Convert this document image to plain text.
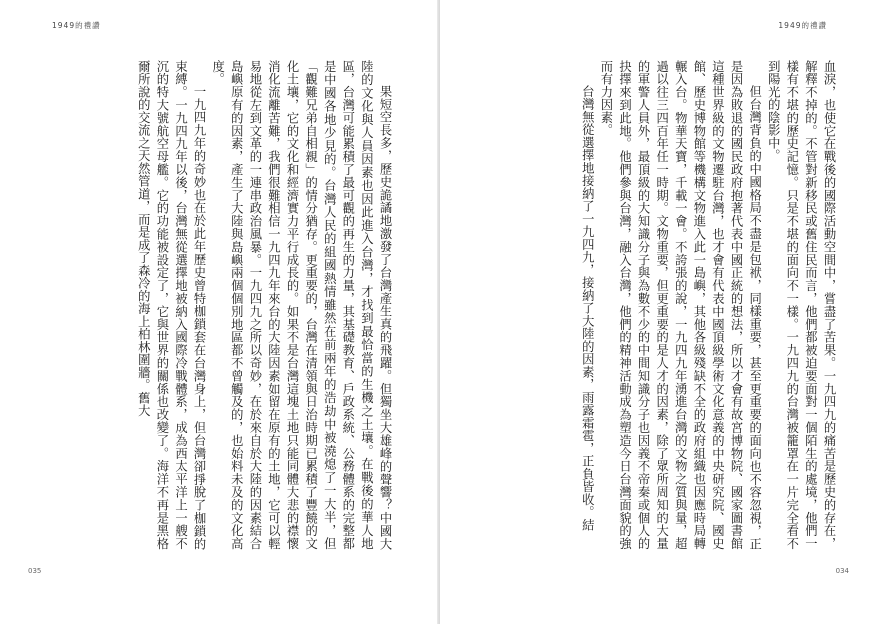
1949的禮讚

果短空長多，歷史詭譎地激發了台灣產生真的飛躍。但獨坐大雄峰的聲響？中國大陸的文化與人員因素也因此進入台灣，才找到最恰當的生機之土壤。在戰後的華人地區，台灣可能累積了最可觀的再生的力量，其基礎教育、戶政系統、公務體系的完整都是中國各地少見的。台灣人民的組國熱情雖然在前兩年的浩劫中被澆熄了一大半，但「觀難兄弟自相親」的情分猶存。更重要的，台灣在清領與日治時期已累積了豐饒的文化土壤，它的文化和經濟實力平行成長的。如果不是台灣這塊土地只能同體大悲的襟懷消化流離苦難，我們很難相信一九四九年來台的大陸因素如留在原有的土地，它可以輕易地從左到文革的一連串政治風暴。一九四九之所以奇妙，在於來自於大陸的因素結合島嶼原有的因素，產生了大陸與島嶼兩個個別地區都不曾觸及的，也始料未及的文化高度。

一九四九年的奇妙也在於此年歷史曾特枷鎖套在台灣身上，但台灣卻掙脫了枷鎖的束縛。一九四九年以後，台灣無從選擇地被納入國際冷戰體系，成為西太平洋上一艘不沉的特大號航空母艦。它的功能被設定了，它與世界的關係也改變了。海洋不再是黑格爾所說的交流之天然管道，而是成了森冷的海上柏林圍牆。舊大

035
1949的禮讚

血淚，也使它在戰後的國際活動空間中，嘗盡了苦果。一九四九的痛苦是歷史的存在，解釋不掉的。不管對新移民或舊住民而言，他們都被迫要面對一個陌生的處境，他們一樣有不堪的歷史記憶。只是不堪的面向不一樣。一九四九的台灣被籠罩在一片完全看不到陽光的陰影中。

但台灣背負的中國格局不盡是包袱，同樣重要，甚至更重要的面向也不容忽視，正是因為敗退的國民政府抱著代表中國正統的想法，所以才會有故宮博物院、國家圖書館這種世界級的文物遷駐台灣，也才會有代表中國頂級學術文化意義的中央研究院、國史館、歷史博物館等機構文物進入此一島嶼，其他各級殘缺不全的政府組織也因應時局轉輾入台。物華天寶，千載一會。不誇張的說，一九四九年湧進台灣的文物之質與量，超過以往三四百年任一時期。文物重要，但更重要的是人才的因素，除了眾所周知的大量的軍警人員外，最頂級的大知識分子與為數不少的中間知識分子也因義不帝秦或個人的抉擇來到此地。他們參與台灣，融入台灣，他們的精神活動成為塑造今日台灣面貌的強而有力因素。

台灣無從選擇地接納了一九四九，接納了大陸的因素，雨露霜雹，正負皆收。結

034
